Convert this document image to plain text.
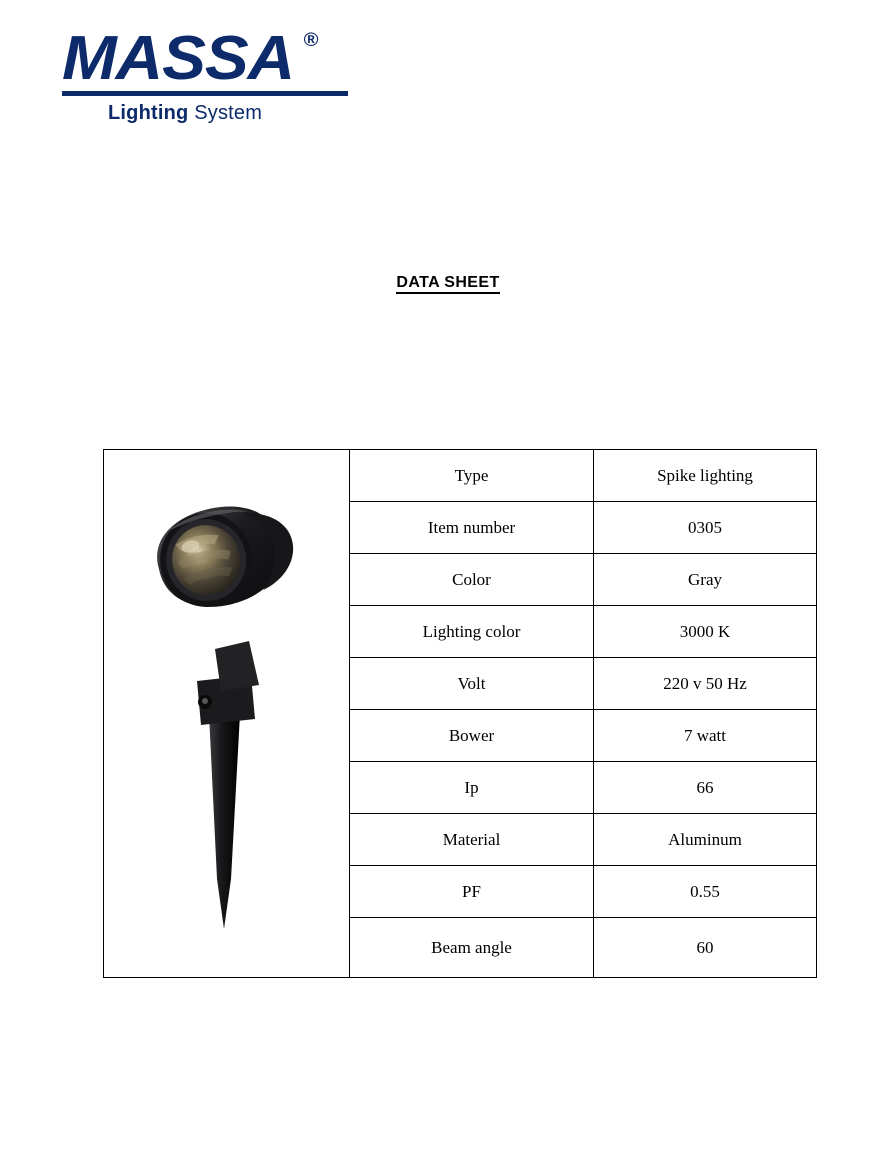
MASSA ®
Lighting System
DATA SHEET
	Type	Spike lighting
	Item number	0305
	Color	Gray
	Lighting color	3000 K
	Volt	220 v 50 Hz
	Bower	7 watt
	Ip	66
	Material	Aluminum
	PF	0.55
	Beam angle	60
